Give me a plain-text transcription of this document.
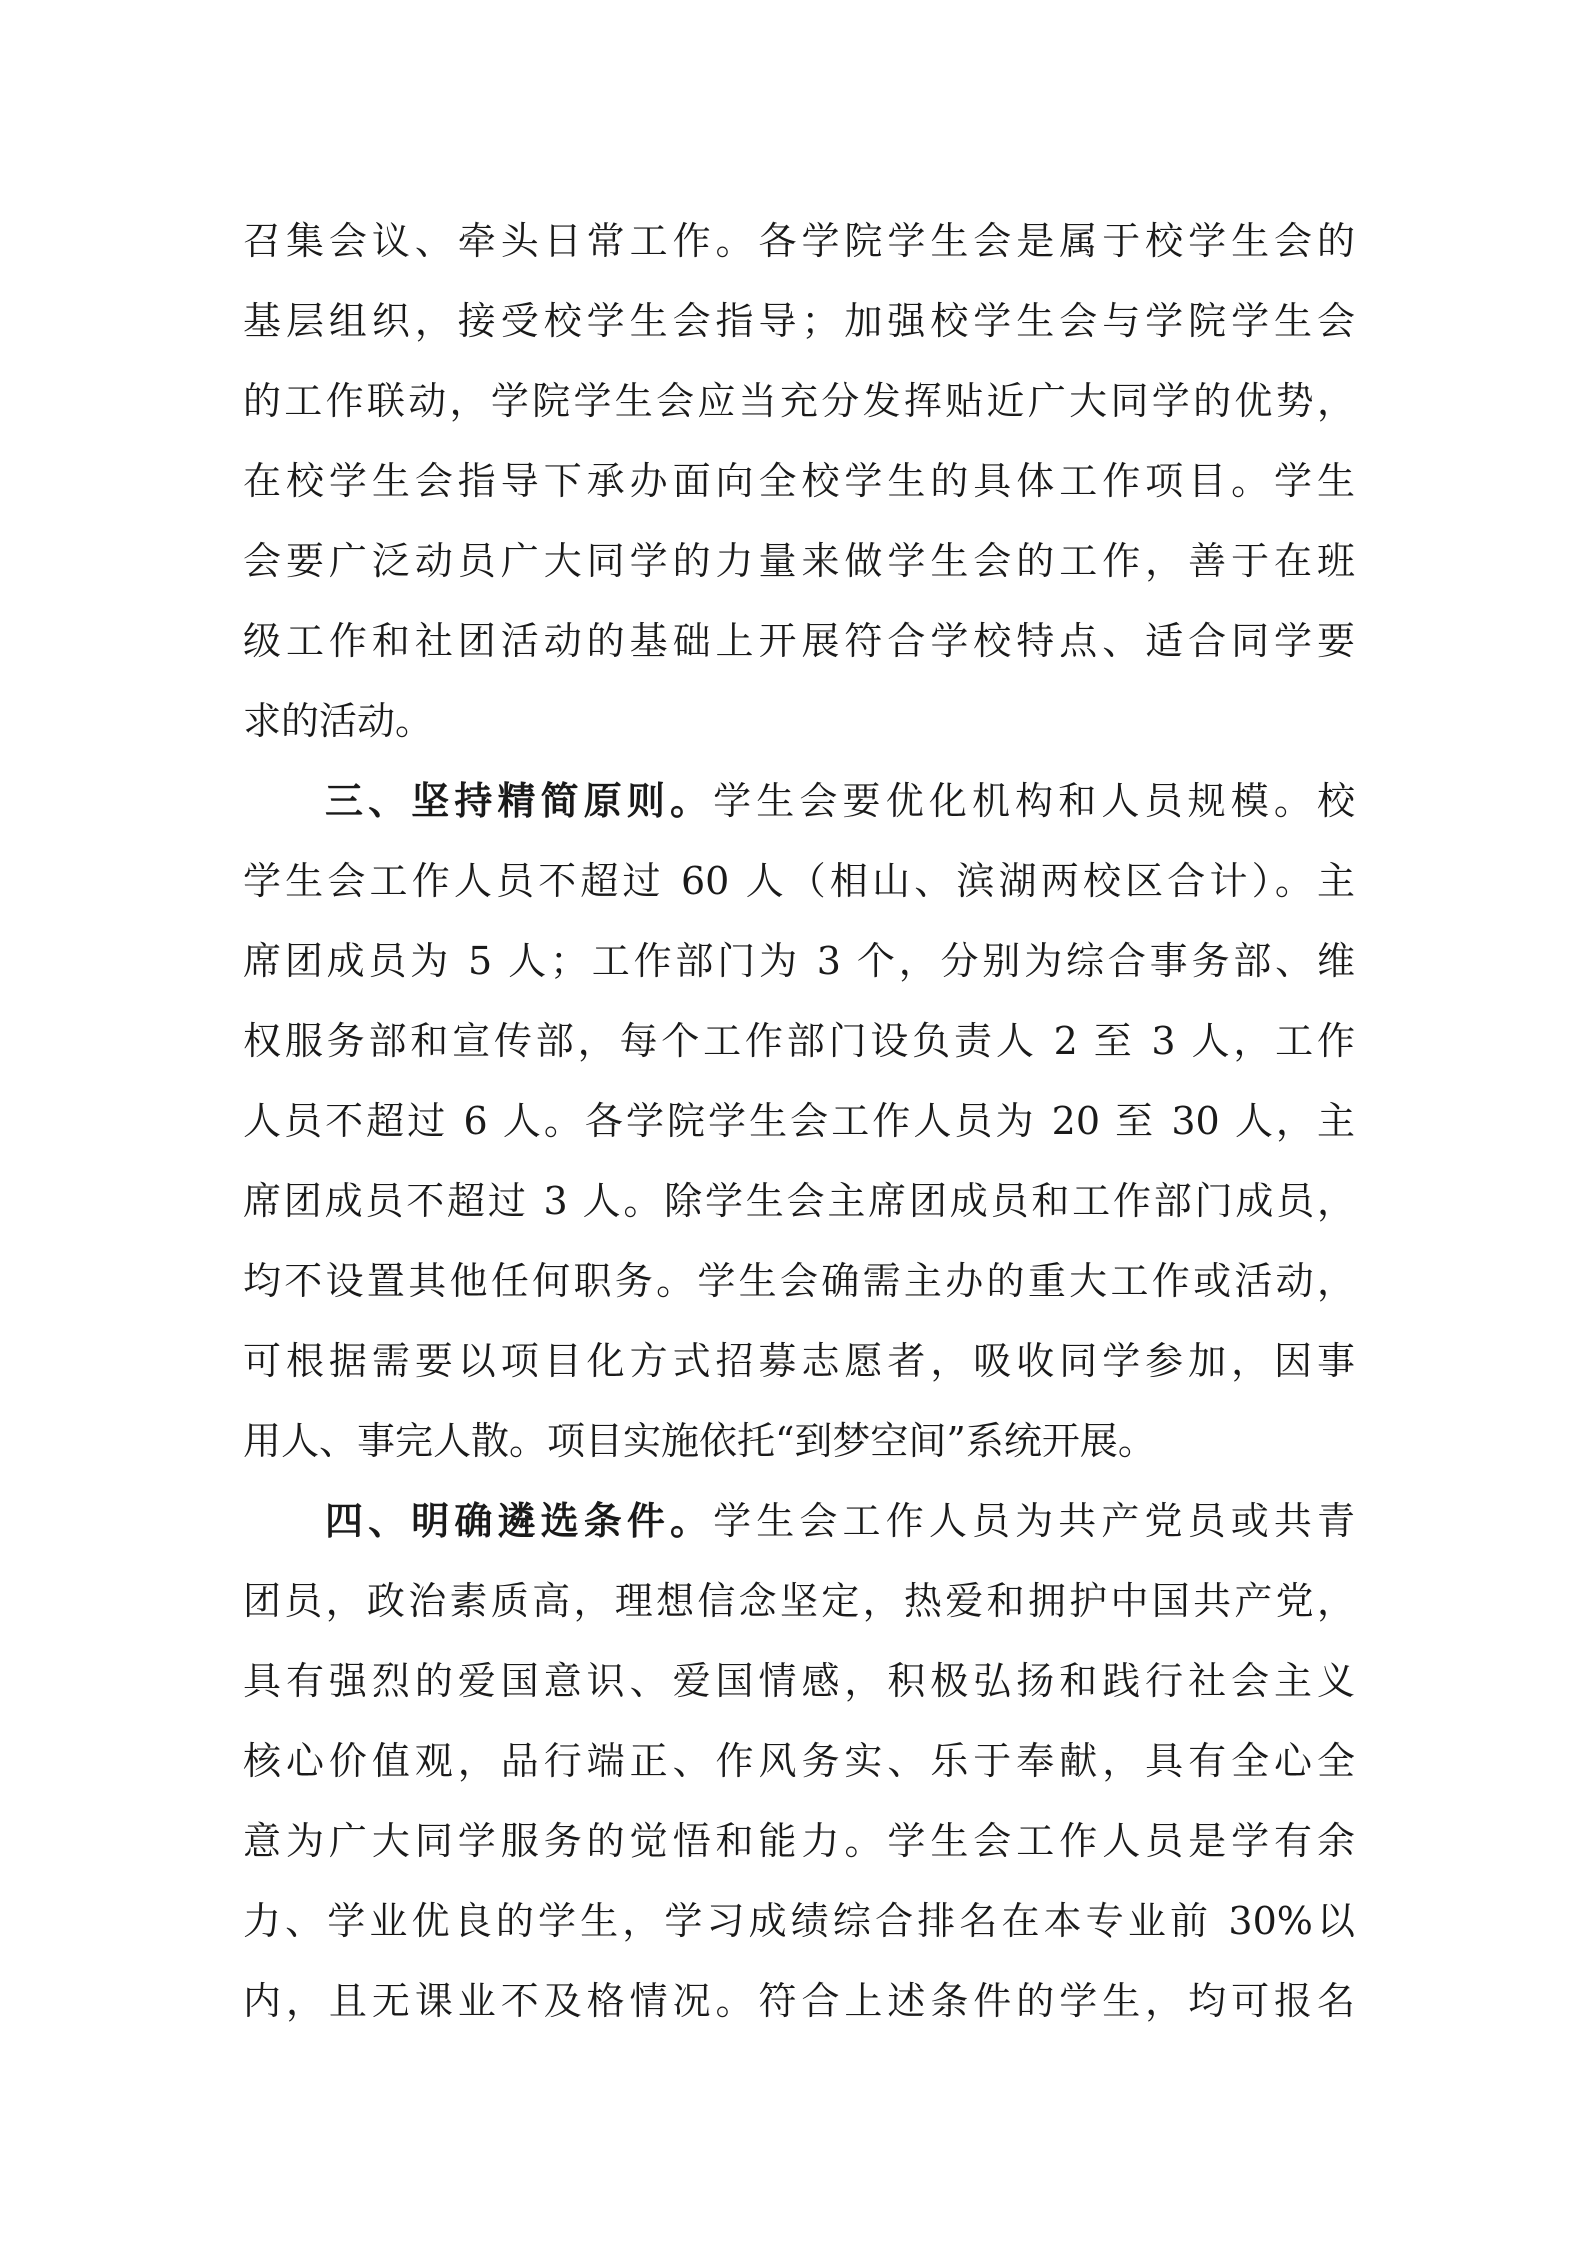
召集会议、牵头日常工作。各学院学生会是属于校学生会的
基层组织，接受校学生会指导；加强校学生会与学院学生会
的工作联动，学院学生会应当充分发挥贴近广大同学的优势，
在校学生会指导下承办面向全校学生的具体工作项目。学生
会要广泛动员广大同学的力量来做学生会的工作，善于在班
级工作和社团活动的基础上开展符合学校特点、适合同学要
求的活动。
三、坚持精简原则。学生会要优化机构和人员规模。校
学生会工作人员不超过 60 人（相山、滨湖两校区合计）。主
席团成员为 5 人；工作部门为 3 个，分别为综合事务部、维
权服务部和宣传部，每个工作部门设负责人 2 至 3 人，工作
人员不超过 6 人。各学院学生会工作人员为 20 至 30 人，主
席团成员不超过 3 人。除学生会主席团成员和工作部门成员，
均不设置其他任何职务。学生会确需主办的重大工作或活动，
可根据需要以项目化方式招募志愿者，吸收同学参加，因事
用人、事完人散。项目实施依托“到梦空间”系统开展。
四、明确遴选条件。学生会工作人员为共产党员或共青
团员，政治素质高，理想信念坚定，热爱和拥护中国共产党，
具有强烈的爱国意识、爱国情感，积极弘扬和践行社会主义
核心价值观，品行端正、作风务实、乐于奉献，具有全心全
意为广大同学服务的觉悟和能力。学生会工作人员是学有余
力、学业优良的学生，学习成绩综合排名在本专业前 30%以
内，且无课业不及格情况。符合上述条件的学生，均可报名
